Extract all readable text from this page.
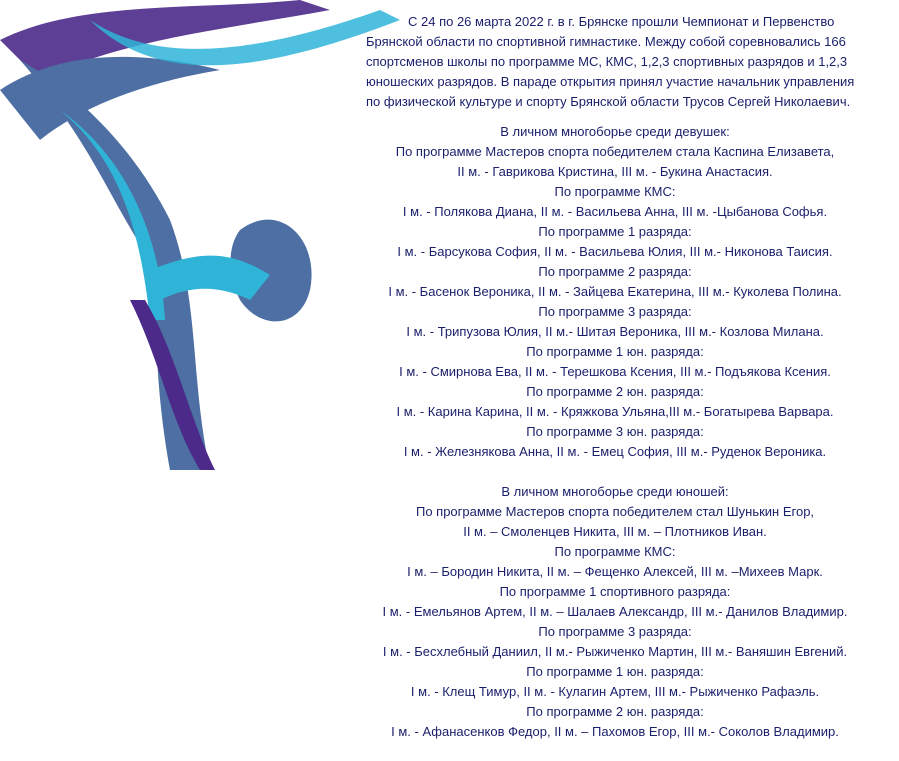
С 24 по 26 марта 2022 г. в г. Брянске прошли Чемпионат и Первенство Брянской области по спортивной гимнастике. Между собой соревновались 166 спортсменов школы по программе МС, КМС, 1,2,3 спортивных разрядов и 1,2,3 юношеских разрядов. В параде открытия принял участие начальник управления по физической культуре и спорту Брянской области Трусов Сергей Николаевич.

В личном многоборье среди девушек:
По программе Мастеров спорта победителем стала Каспина Елизавета,
II м. - Гаврикова Кристина, III м. - Букина Анастасия.
По программе КМС:
I м. - Полякова Диана, II м. - Васильева Анна, III м. -Цыбанова Софья.
По программе 1 разряда:
I м. - Барсукова София, II м. - Васильева Юлия, III м.- Никонова Таисия.
По программе 2 разряда:
I м. - Басенок Вероника, II м. - Зайцева Екатерина, III м.- Куколева Полина.
По программе 3 разряда:
I м. - Трипузова Юлия, II м.- Шитая Вероника, III м.- Козлова Милана.
По программе 1 юн. разряда:
I м. - Смирнова Ева, II м. - Терешкова Ксения, III м.- Подъякова Ксения.
По программе 2 юн. разряда:
I м. - Карина Карина, II м. - Кряжкова Ульяна,III м.- Богатырева Варвара.
По программе 3 юн. разряда:
I м. - Железнякова Анна, II м. - Емец София, III м.- Руденок Вероника.
В личном многоборье среди юношей:
По программе Мастеров спорта победителем стал Шунькин Егор,
II м. – Смоленцев Никита, III м. – Плотников Иван.
По программе КМС:
I м. – Бородин Никита, II м. – Фещенко Алексей, III м. –Михеев Марк.
По программе 1 спортивного разряда:
I м. - Емельянов Артем, II м. – Шалаев Александр, III м.- Данилов Владимир.
По программе 3 разряда:
I м. - Бесхлебный Даниил, II м.- Рыжиченко Мартин, III м.- Ваняшин Евгений.
По программе 1 юн. разряда:
I м. - Клещ Тимур, II м. - Кулагин Артем, III м.- Рыжиченко Рафаэль.
По программе 2 юн. разряда:
I м. - Афанасенков Федор, II м. – Пахомов Егор, III м.- Соколов Владимир.
